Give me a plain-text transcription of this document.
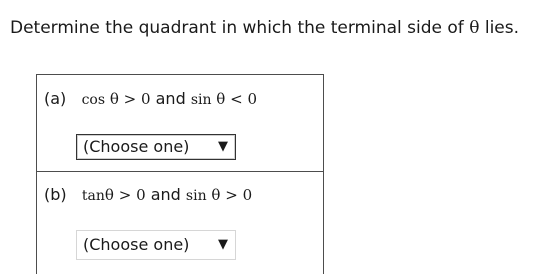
Determine the quadrant in which the terminal side of θ lies.
(a) cos θ > 0 and sin θ < 0
(Choose one) ▼
(b) tanθ > 0 and sin θ > 0
(Choose one) ▼
